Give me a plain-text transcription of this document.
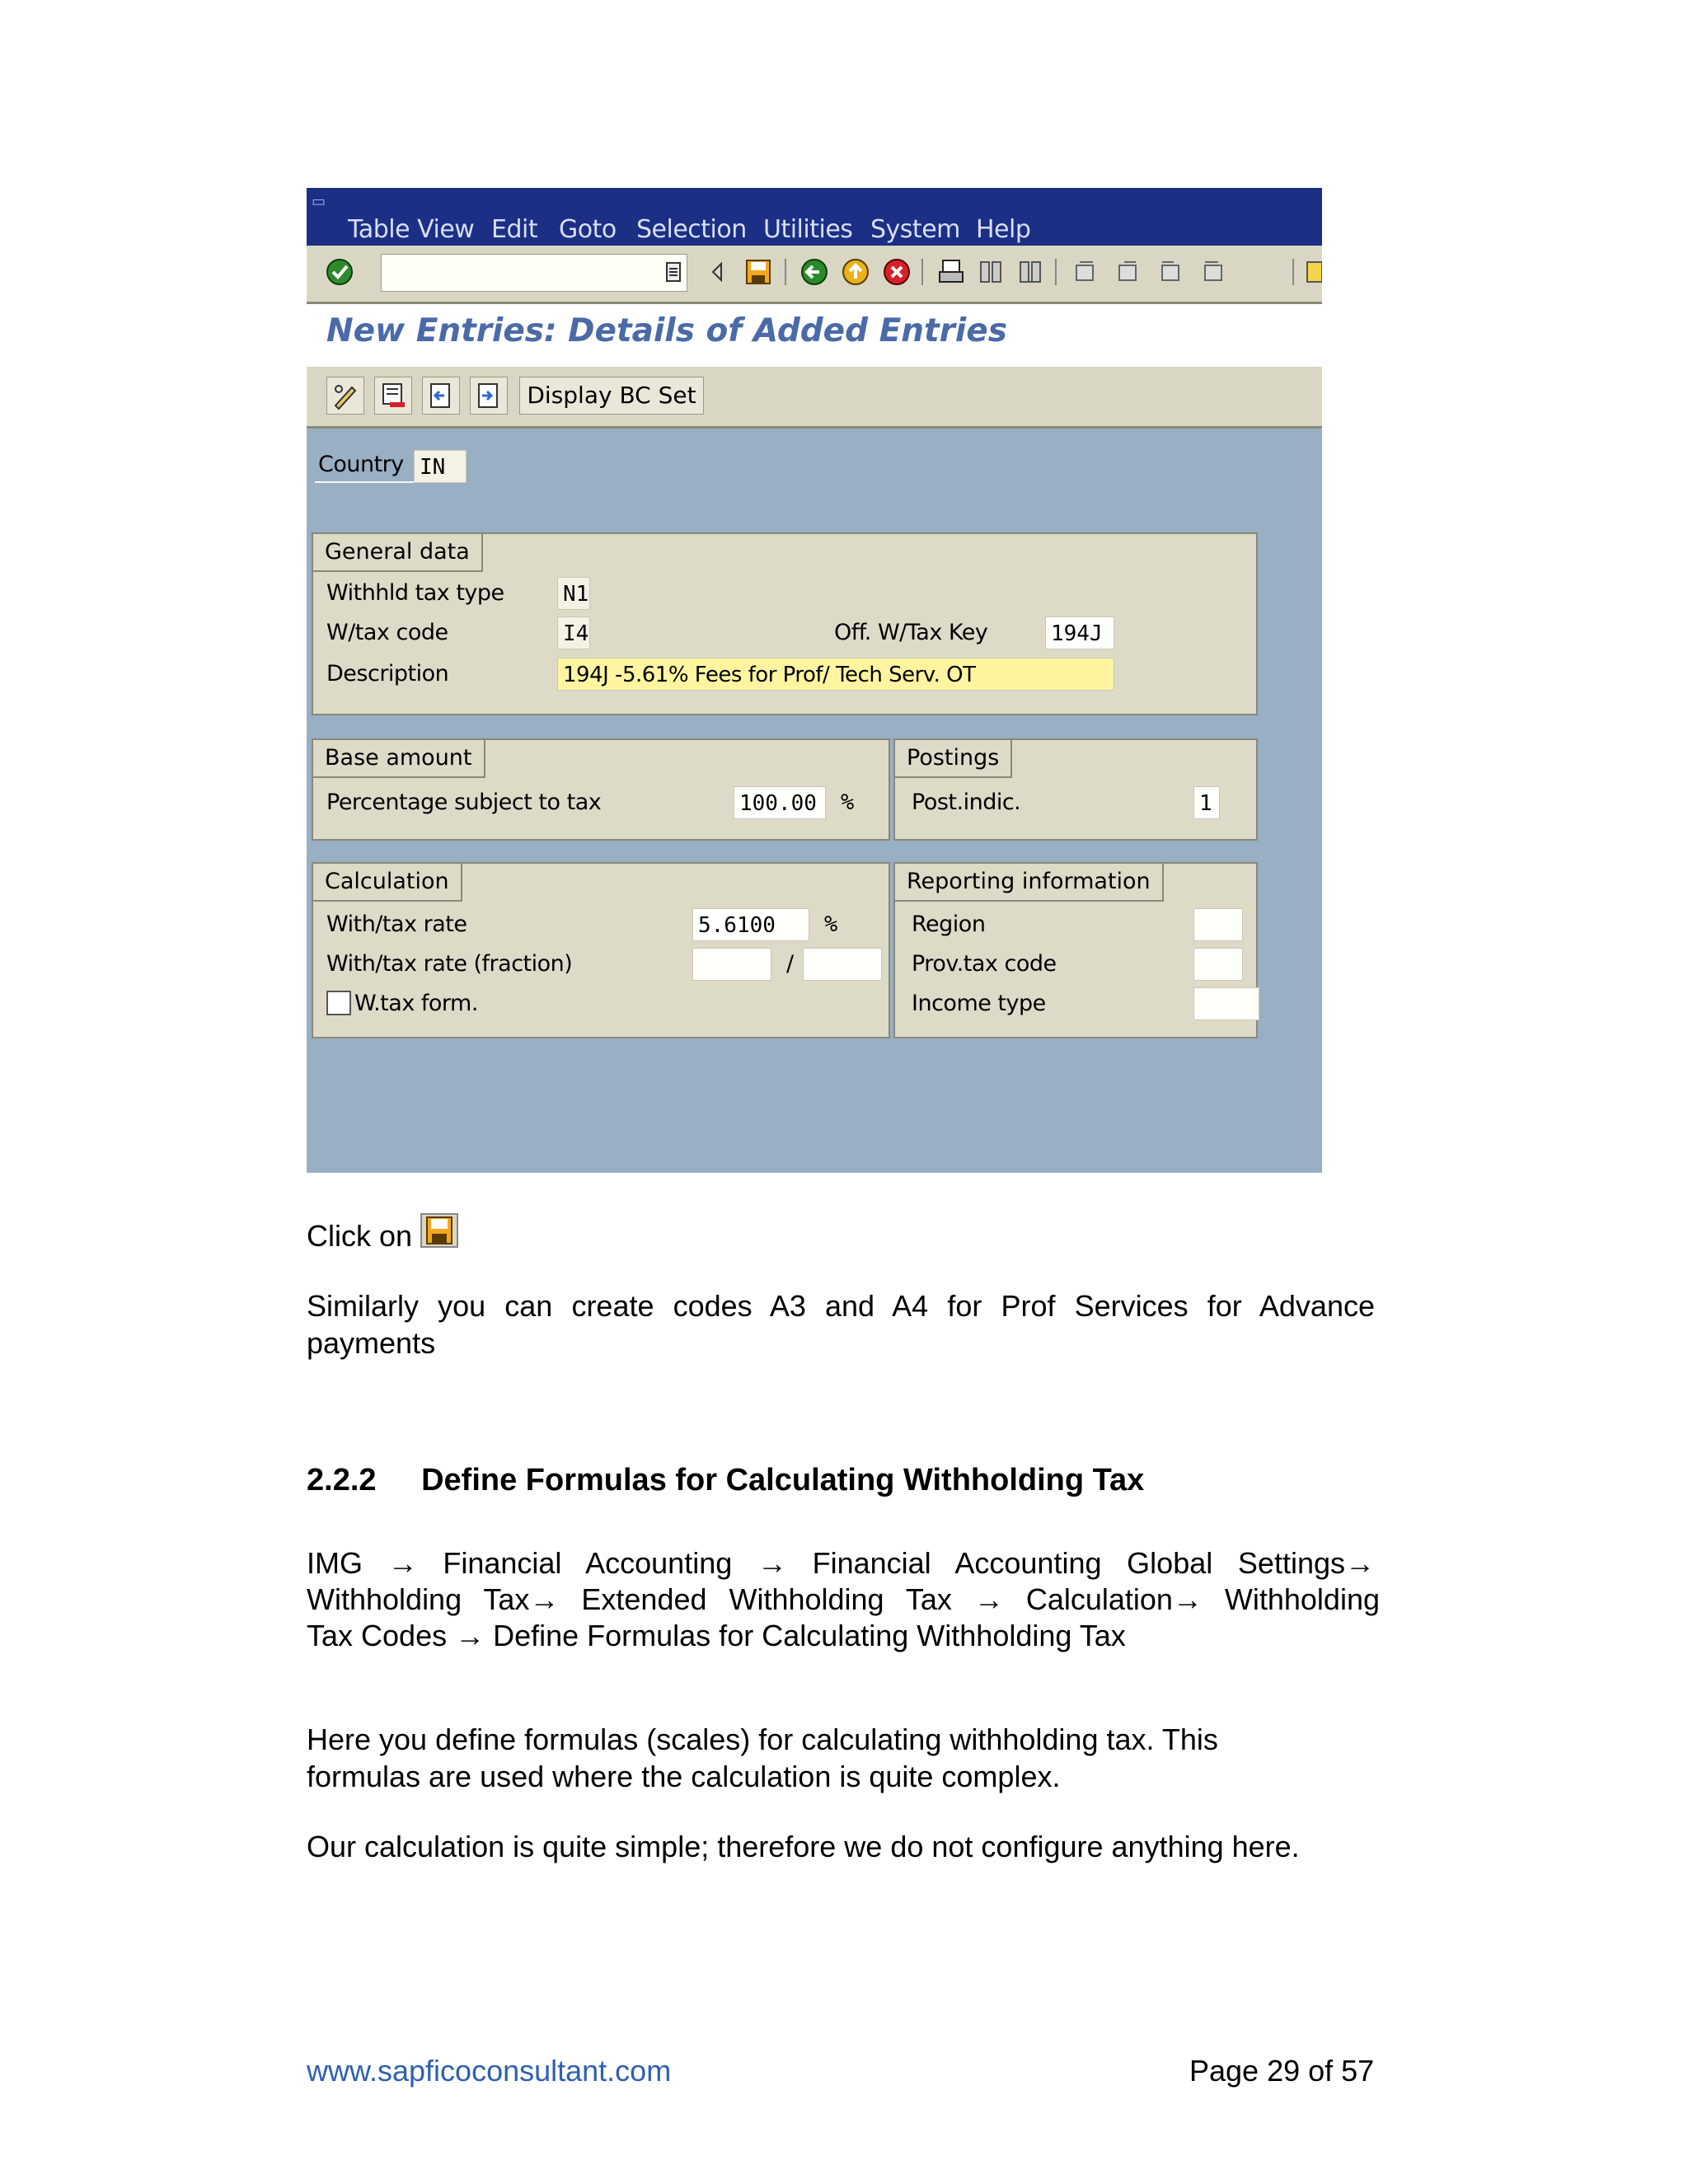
▭
Table View Edit Goto Selection Utilities System Help
New Entries: Details of Added Entries
Display BC Set
Country IN
General data
Withhld tax type	N1
W/tax code	I4	Off. W/Tax Key	194J
Description	194J -5.61% Fees for Prof/ Tech Serv. OT
Base amount
Percentage subject to tax	100.00	%
Postings
Post.indic.	1
Calculation
With/tax rate	5.6100	%
With/tax rate (fraction)	/
W.tax form.
Reporting information
Region
Prov.tax code
Income type
Click on
Similarly you can create codes A3 and A4 for Prof Services for Advance
payments
2.2.2 Define Formulas for Calculating Withholding Tax
IMG → Financial Accounting → Financial Accounting Global Settings→
Withholding Tax→ Extended Withholding Tax → Calculation→ Withholding
Tax Codes → Define Formulas for Calculating Withholding Tax
Here you define formulas (scales) for calculating withholding tax. This
formulas are used where the calculation is quite complex.
Our calculation is quite simple; therefore we do not configure anything here.
www.sapficoconsultant.com	Page 29 of 57
